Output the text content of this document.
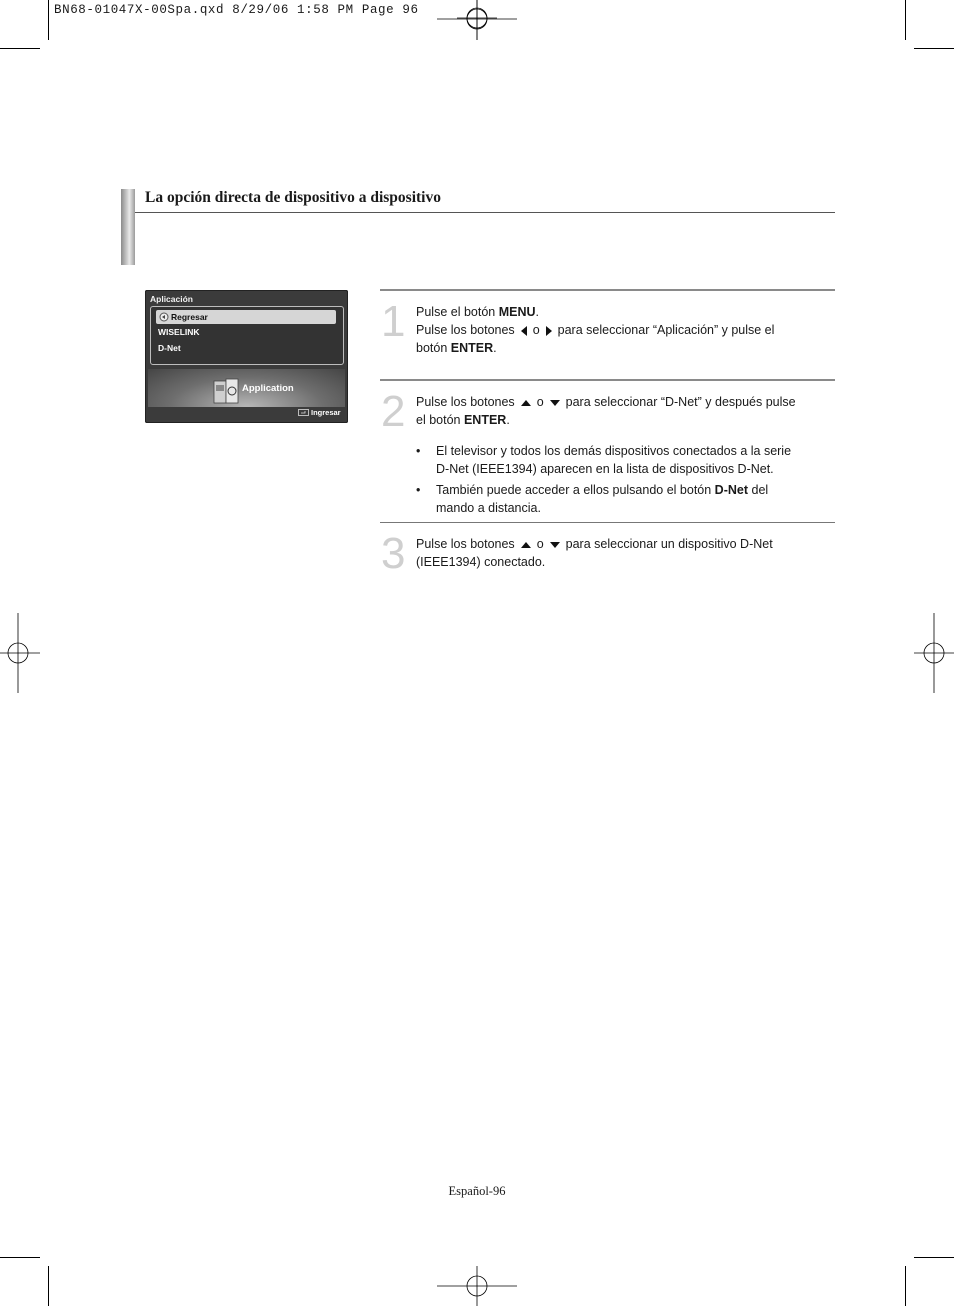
BN68-01047X-00Spa.qxd 8/29/06 1:58 PM Page 96
La opción directa de dispositivo a dispositivo
Aplicación
Regresar
WISELINK
D-Net
Application
Ingresar
1 Pulse el botón MENU.
Pulse los botones o para seleccionar “Aplicación” y pulse el
botón ENTER.
2 Pulse los botones o para seleccionar “D-Net” y después pulse
el botón ENTER.
• El televisor y todos los demás dispositivos conectados a la serie
D-Net (IEEE1394) aparecen en la lista de dispositivos D-Net.
• También puede acceder a ellos pulsando el botón D-Net del
mando a distancia.
3 Pulse los botones o para seleccionar un dispositivo D-Net
(IEEE1394) conectado.
Español-96
